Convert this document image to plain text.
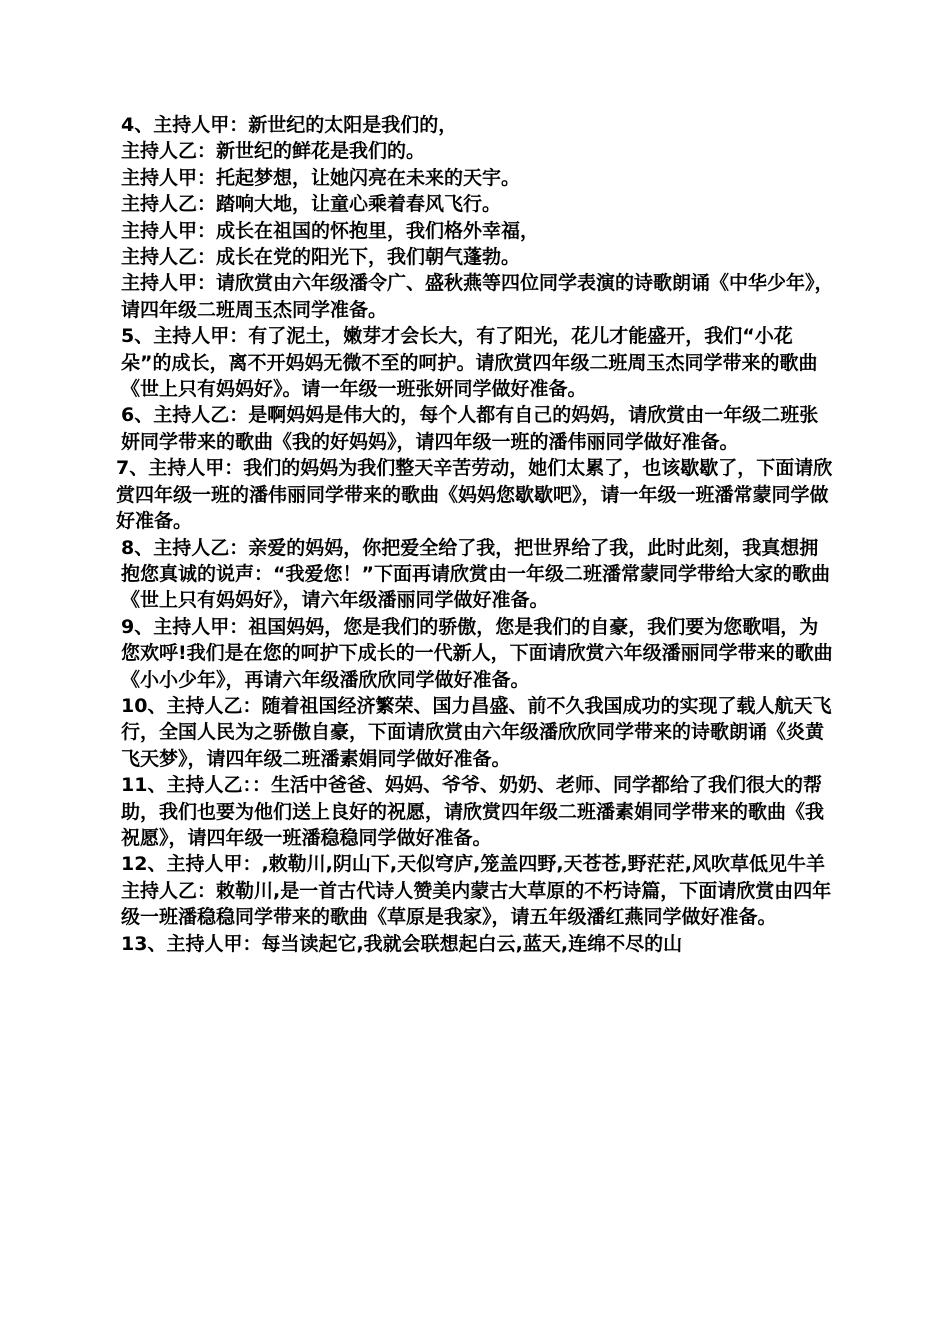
4、主持人甲：新世纪的太阳是我们的，

主持人乙：新世纪的鲜花是我们的。

主持人甲：托起梦想，让她闪亮在未来的天宇。

主持人乙：踏响大地，让童心乘着春风飞行。

主持人甲：成长在祖国的怀抱里，我们格外幸福，

主持人乙：成长在党的阳光下，我们朝气蓬勃。

主持人甲：请欣赏由六年级潘令广、盛秋燕等四位同学表演的诗歌朗诵《中华少年》，请四年级二班周玉杰同学准备。

5、主持人甲：有了泥土，嫩芽才会长大，有了阳光，花儿才能盛开，我们“小花朵”的成长，离不开妈妈无微不至的呵护。请欣赏四年级二班周玉杰同学带来的歌曲《世上只有妈妈好》。请一年级一班张妍同学做好准备。

6、主持人乙：是啊妈妈是伟大的，每个人都有自己的妈妈，请欣赏由一年级二班张妍同学带来的歌曲《我的好妈妈》，请四年级一班的潘伟丽同学做好准备。

7、主持人甲：我们的妈妈为我们整天辛苦劳动，她们太累了，也该歇歇了，下面请欣赏四年级一班的潘伟丽同学带来的歌曲《妈妈您歇歇吧》，请一年级一班潘常蒙同学做好准备。

8、主持人乙：亲爱的妈妈，你把爱全给了我，把世界给了我，此时此刻，我真想拥抱您真诚的说声：“我爱您！”下面再请欣赏由一年级二班潘常蒙同学带给大家的歌曲《世上只有妈妈好》，请六年级潘丽同学做好准备。

9、主持人甲：祖国妈妈，您是我们的骄傲，您是我们的自豪，我们要为您歌唱，为您欢呼!我们是在您的呵护下成长的一代新人，下面请欣赏六年级潘丽同学带来的歌曲《小小少年》，再请六年级潘欣欣同学做好准备。

10、主持人乙：随着祖国经济繁荣、国力昌盛、前不久我国成功的实现了载人航天飞行，全国人民为之骄傲自豪，下面请欣赏由六年级潘欣欣同学带来的诗歌朗诵《炎黄飞天梦》，请四年级二班潘素娟同学做好准备。

11、主持人乙：：生活中爸爸、妈妈、爷爷、奶奶、老师、同学都给了我们很大的帮助，我们也要为他们送上良好的祝愿，请欣赏四年级二班潘素娟同学带来的歌曲《我祝愿》，请四年级一班潘稳稳同学做好准备。

12、主持人甲：,敕勒川,阴山下,天似穹庐,笼盖四野,天苍苍,野茫茫,风吹草低见牛羊

主持人乙：敕勒川,是一首古代诗人赞美内蒙古大草原的不朽诗篇，下面请欣赏由四年级一班潘稳稳同学带来的歌曲《草原是我家》，请五年级潘红燕同学做好准备。

13、主持人甲：每当读起它,我就会联想起白云,蓝天,连绵不尽的山
